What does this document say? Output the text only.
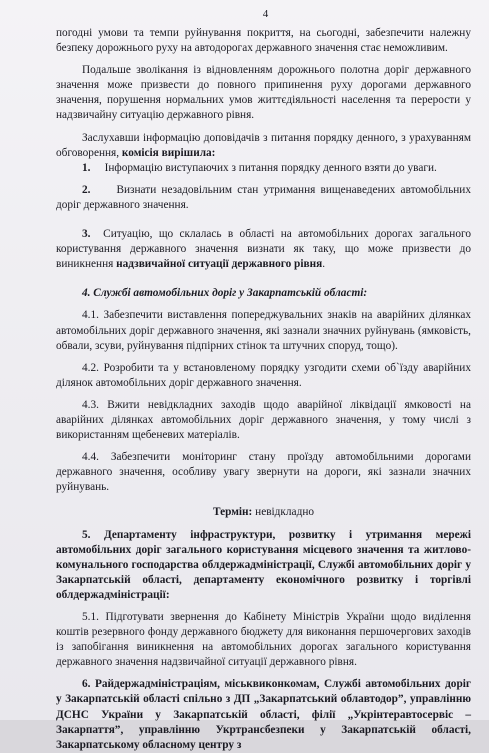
4

погодні умови та темпи руйнування покриття, на сьогодні, забезпечити належну безпеку дорожнього руху на автодорогах державного значення стає неможливим.

Подальше зволікання із відновленням дорожнього полотна доріг державного значення може призвести до повного припинення руху дорогами державного значення, порушення нормальних умов життєдіяльності населення та перерости у надзвичайну ситуацію державного рівня.

Заслухавши інформацію доповідачів з питання порядку денного, з урахуванням обговорення, комісія вирішила:

1. Інформацію виступаючих з питання порядку денного взяти до уваги.

2. Визнати незадовільним стан утримання вищенаведених автомобільних доріг державного значення.

3. Ситуацію, що склалась в області на автомобільних дорогах загального користування державного значення визнати як таку, що може призвести до виникнення надзвичайної ситуації державного рівня.

4. Службі автомобільних доріг у Закарпатській області:

4.1. Забезпечити виставлення попереджувальних знаків на аварійних ділянках автомобільних доріг державного значення, які зазнали значних руйнувань (ямковість, обвали, зсуви, руйнування підпірних стінок та штучних споруд, тощо).

4.2. Розробити та у встановленому порядку узгодити схеми об`їзду аварійних ділянок автомобільних доріг державного значення.

4.3. Вжити невідкладних заходів щодо аварійної ліквідації ямковості на аварійних ділянках автомобільних доріг державного значення, у тому числі з використанням щебеневих матеріалів.

4.4. Забезпечити моніторинг стану проїзду автомобільними дорогами державного значення, особливу увагу звернути на дороги, які зазнали значних руйнувань.

Термін: невідкладно

5. Департаменту інфраструктури, розвитку і утримання мережі автомобільних доріг загального користування місцевого значення та житлово-комунального господарства облдержадміністрації, Службі автомобільних доріг у Закарпатській області, департаменту економічного розвитку і торгівлі облдержадміністрації:

5.1. Підготувати звернення до Кабінету Міністрів України щодо виділення коштів резервного фонду державного бюджету для виконання першочергових заходів із запобігання виникнення на автомобільних дорогах загального користування державного значення надзвичайної ситуації державного рівня.

6. Райдержадміністраціям, міськвиконкомам, Службі автомобільних доріг у Закарпатській області спільно з ДП „Закарпатський облавтодор”, управлінню ДСНС України у Закарпатській області, філії „Укрінтеравтосервіс – Закарпаття”, управлінню Укртрансбезпеки у Закарпатській області, Закарпатському обласному центру з
